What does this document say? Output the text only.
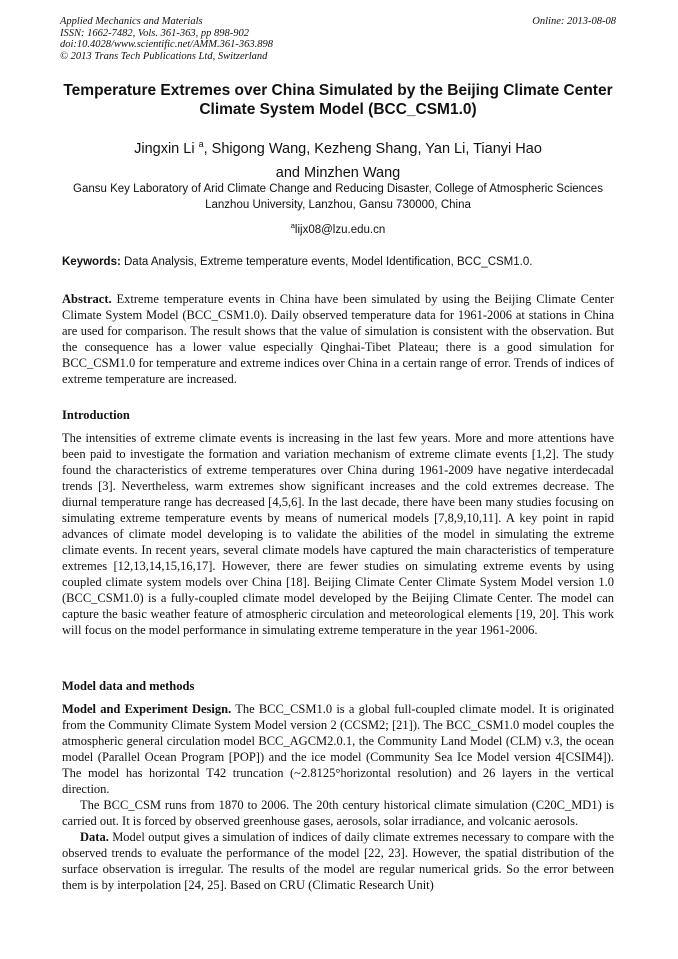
Applied Mechanics and Materials
ISSN: 1662-7482, Vols. 361-363, pp 898-902
doi:10.4028/www.scientific.net/AMM.361-363.898
© 2013 Trans Tech Publications Ltd, Switzerland
Online: 2013-08-08
Temperature Extremes over China Simulated by the Beijing Climate Center Climate System Model (BCC_CSM1.0)
Jingxin Li $^a$, Shigong Wang, Kezheng Shang, Yan Li, Tianyi Hao
and Minzhen Wang
Gansu Key Laboratory of Arid Climate Change and Reducing Disaster, College of Atmospheric Sciences Lanzhou University, Lanzhou, Gansu 730000, China
$^a$lijx08@lzu.edu.cn
Keywords: Data Analysis, Extreme temperature events, Model Identification, BCC_CSM1.0.

Abstract. Extreme temperature events in China have been simulated by using the Beijing Climate Center Climate System Model (BCC_CSM1.0). Daily observed temperature data for 1961-2006 at stations in China are used for comparison. The result shows that the value of simulation is consistent with the observation. But the consequence has a lower value especially Qinghai-Tibet Plateau; there is a good simulation for BCC_CSM1.0 for temperature and extreme indices over China in a certain range of error. Trends of indices of extreme temperature are increased.

Introduction

The intensities of extreme climate events is increasing in the last few years. More and more attentions have been paid to investigate the formation and variation mechanism of extreme climate events [1,2]. The study found the characteristics of extreme temperatures over China during 1961-2009 have negative interdecadal trends [3]. Nevertheless, warm extremes show significant increases and the cold extremes decrease. The diurnal temperature range has decreased [4,5,6]. In the last decade, there have been many studies focusing on simulating extreme temperature events by means of numerical models [7,8,9,10,11]. A key point in rapid advances of climate model developing is to validate the abilities of the model in simulating the extreme climate events. In recent years, several climate models have captured the main characteristics of temperature extremes [12,13,14,15,16,17]. However, there are fewer studies on simulating extreme events by using coupled climate system models over China [18]. Beijing Climate Center Climate System Model version 1.0 (BCC_CSM1.0) is a fully-coupled climate model developed by the Beijing Climate Center. The model can capture the basic weather feature of atmospheric circulation and meteorological elements [19, 20]. This work will focus on the model performance in simulating extreme temperature in the year 1961-2006.

Model data and methods

Model and Experiment Design. The BCC_CSM1.0 is a global full-coupled climate model. It is originated from the Community Climate System Model version 2 (CCSM2; [21]). The BCC_CSM1.0 model couples the atmospheric general circulation model BCC_AGCM2.0.1, the Community Land Model (CLM) v.3, the ocean model (Parallel Ocean Program [POP]) and the ice model (Community Sea Ice Model version 4[CSIM4]). The model has horizontal T42 truncation (~2.8125°horizontal resolution) and 26 layers in the vertical direction.

The BCC_CSM runs from 1870 to 2006. The 20th century historical climate simulation (C20C_MD1) is carried out. It is forced by observed greenhouse gases, aerosols, solar irradiance, and volcanic aerosols.

Data. Model output gives a simulation of indices of daily climate extremes necessary to compare with the observed trends to evaluate the performance of the model [22, 23]. However, the spatial distribution of the surface observation is irregular. The results of the model are regular numerical grids. So the error between them is by interpolation [24, 25]. Based on CRU (Climatic Research Unit)
